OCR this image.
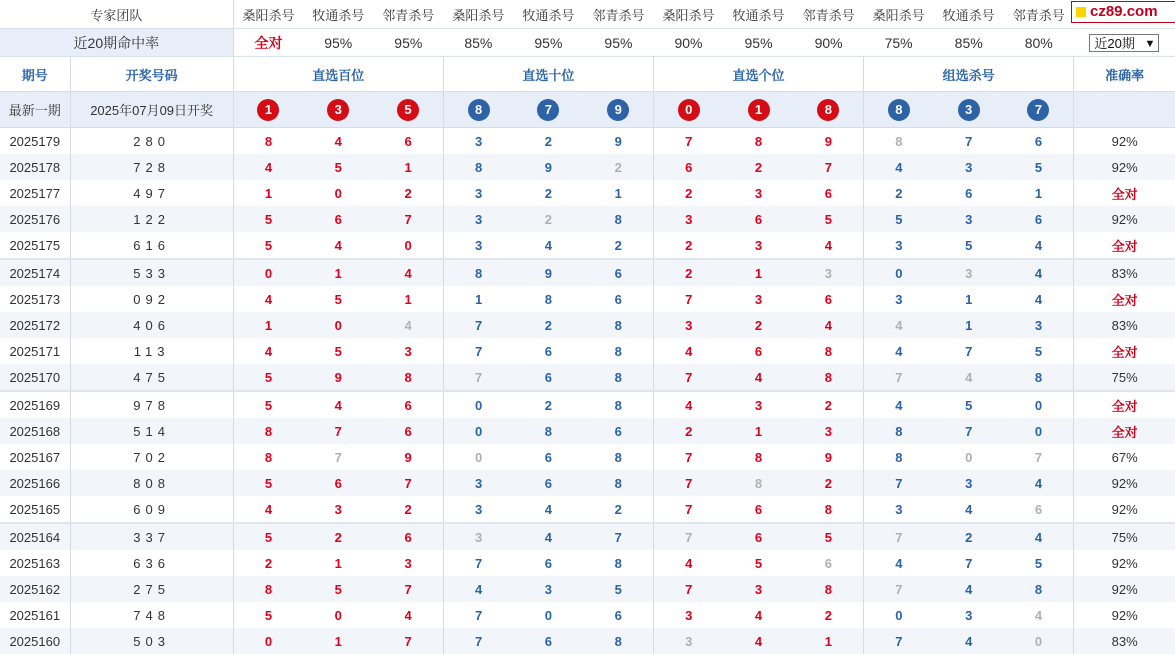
cz89.com
专家团队		桑阳杀号	牧通杀号	邻青杀号	桑阳杀号	牧通杀号	邻青杀号	桑阳杀号	牧通杀号	邻青杀号	桑阳杀号	牧通杀号	邻青杀号	
近20期命中率		全对	95%	95%	85%	95%	95%	90%	95%	90%	75%	85%	80%	近20期 ▼

期号	开奖号码	直选百位			直选十位			直选个位			组选杀号			准确率
最新一期	2025年07月09日开奖	1	3	5	8	7	9	0	1	8	8	3	7	
2025179	280	8	4	6	3	2	9	7	8	9	8	7	6	92%
2025178	728	4	5	1	8	9	2	6	2	7	4	3	5	92%
2025177	497	1	0	2	3	2	1	2	3	6	2	6	1	全对
2025176	122	5	6	7	3	2	8	3	6	5	5	3	6	92%
2025175	616	5	4	0	3	4	2	2	3	4	3	5	4	全对
2025174	533	0	1	4	8	9	6	2	1	3	0	3	4	83%
2025173	092	4	5	1	1	8	6	7	3	6	3	1	4	全对
2025172	406	1	0	4	7	2	8	3	2	4	4	1	3	83%
2025171	113	4	5	3	7	6	8	4	6	8	4	7	5	全对
2025170	475	5	9	8	7	6	8	7	4	8	7	4	8	75%
2025169	978	5	4	6	0	2	8	4	3	2	4	5	0	全对
2025168	514	8	7	6	0	8	6	2	1	3	8	7	0	全对
2025167	702	8	7	9	0	6	8	7	8	9	8	0	7	67%
2025166	808	5	6	7	3	6	8	7	8	2	7	3	4	92%
2025165	609	4	3	2	3	4	2	7	6	8	3	4	6	92%
2025164	337	5	2	6	3	4	7	7	6	5	7	2	4	75%
2025163	636	2	1	3	7	6	8	4	5	6	4	7	5	92%
2025162	275	8	5	7	4	3	5	7	3	8	7	4	8	92%
2025161	748	5	0	4	7	0	6	3	4	2	0	3	4	92%
2025160	503	0	1	7	7	6	8	3	4	1	7	4	0	83%
